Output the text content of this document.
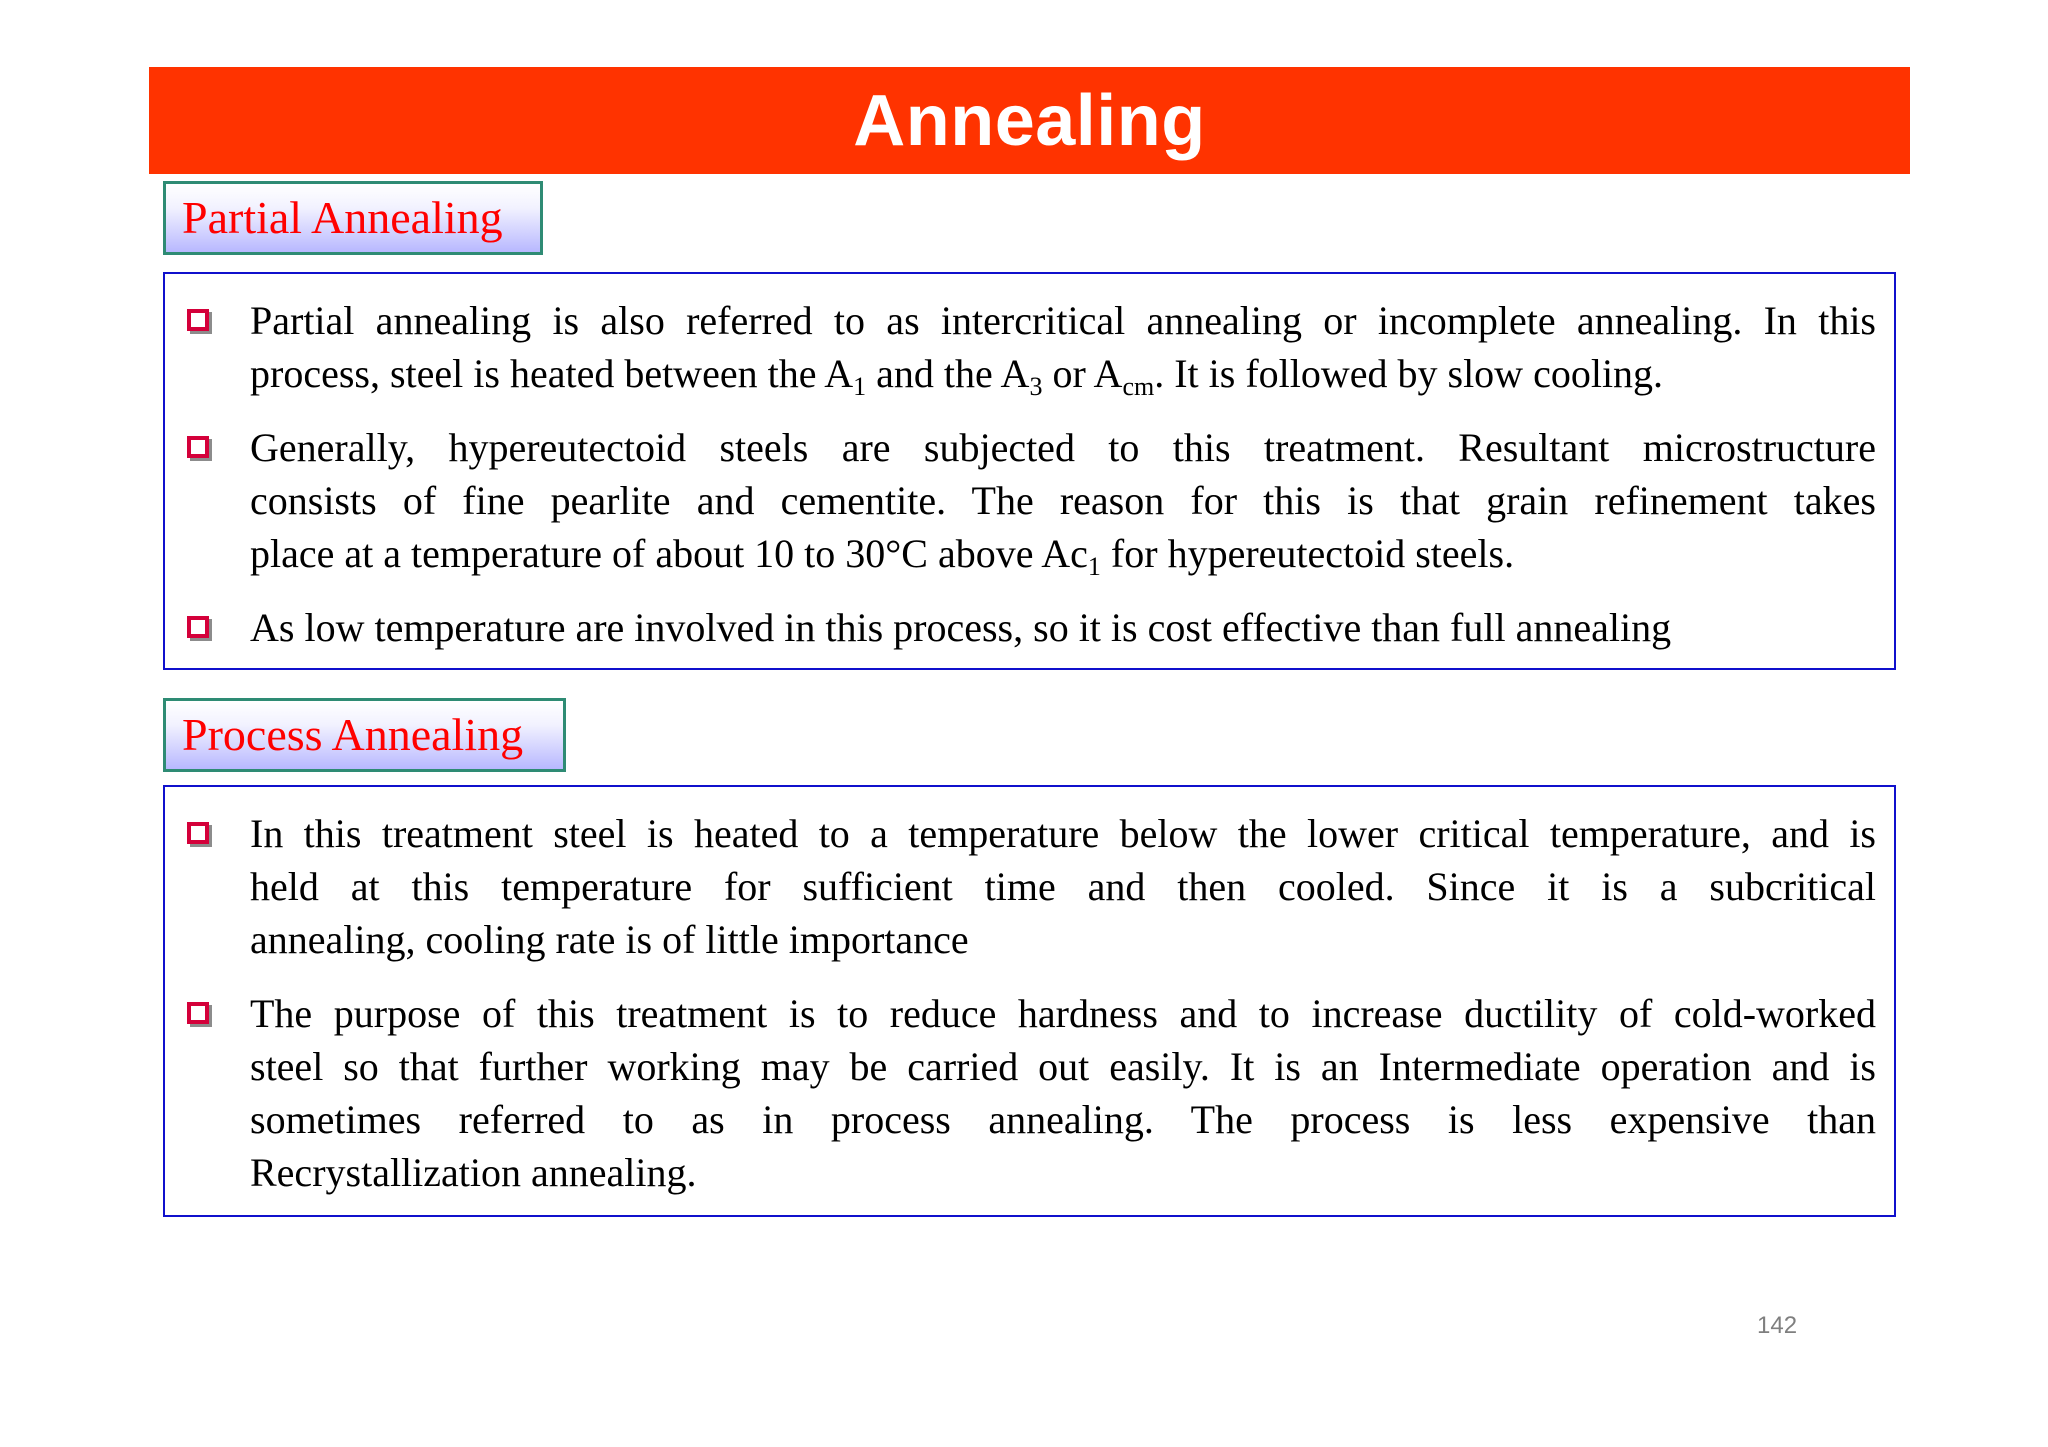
Annealing
Partial Annealing
Partial annealing is also referred to as intercritical annealing or incomplete annealing. In this
process, steel is heated between the $A_1$ and the $A_3$ or $A_{cm}$. It is followed by slow cooling.
Generally, hypereutectoid steels are subjected to this treatment. Resultant microstructure
consists of fine pearlite and cementite. The reason for this is that grain refinement takes
place at a temperature of about 10 to 30°C above $Ac_1$ for hypereutectoid steels.
As low temperature are involved in this process, so it is cost effective than full annealing
Process Annealing
In this treatment steel is heated to a temperature below the lower critical temperature, and is
held at this temperature for sufficient time and then cooled. Since it is a subcritical
annealing, cooling rate is of little importance
The purpose of this treatment is to reduce hardness and to increase ductility of cold-worked
steel so that further working may be carried out easily. It is an Intermediate operation and is
sometimes referred to as in process annealing. The process is less expensive than
Recrystallization annealing.
142
